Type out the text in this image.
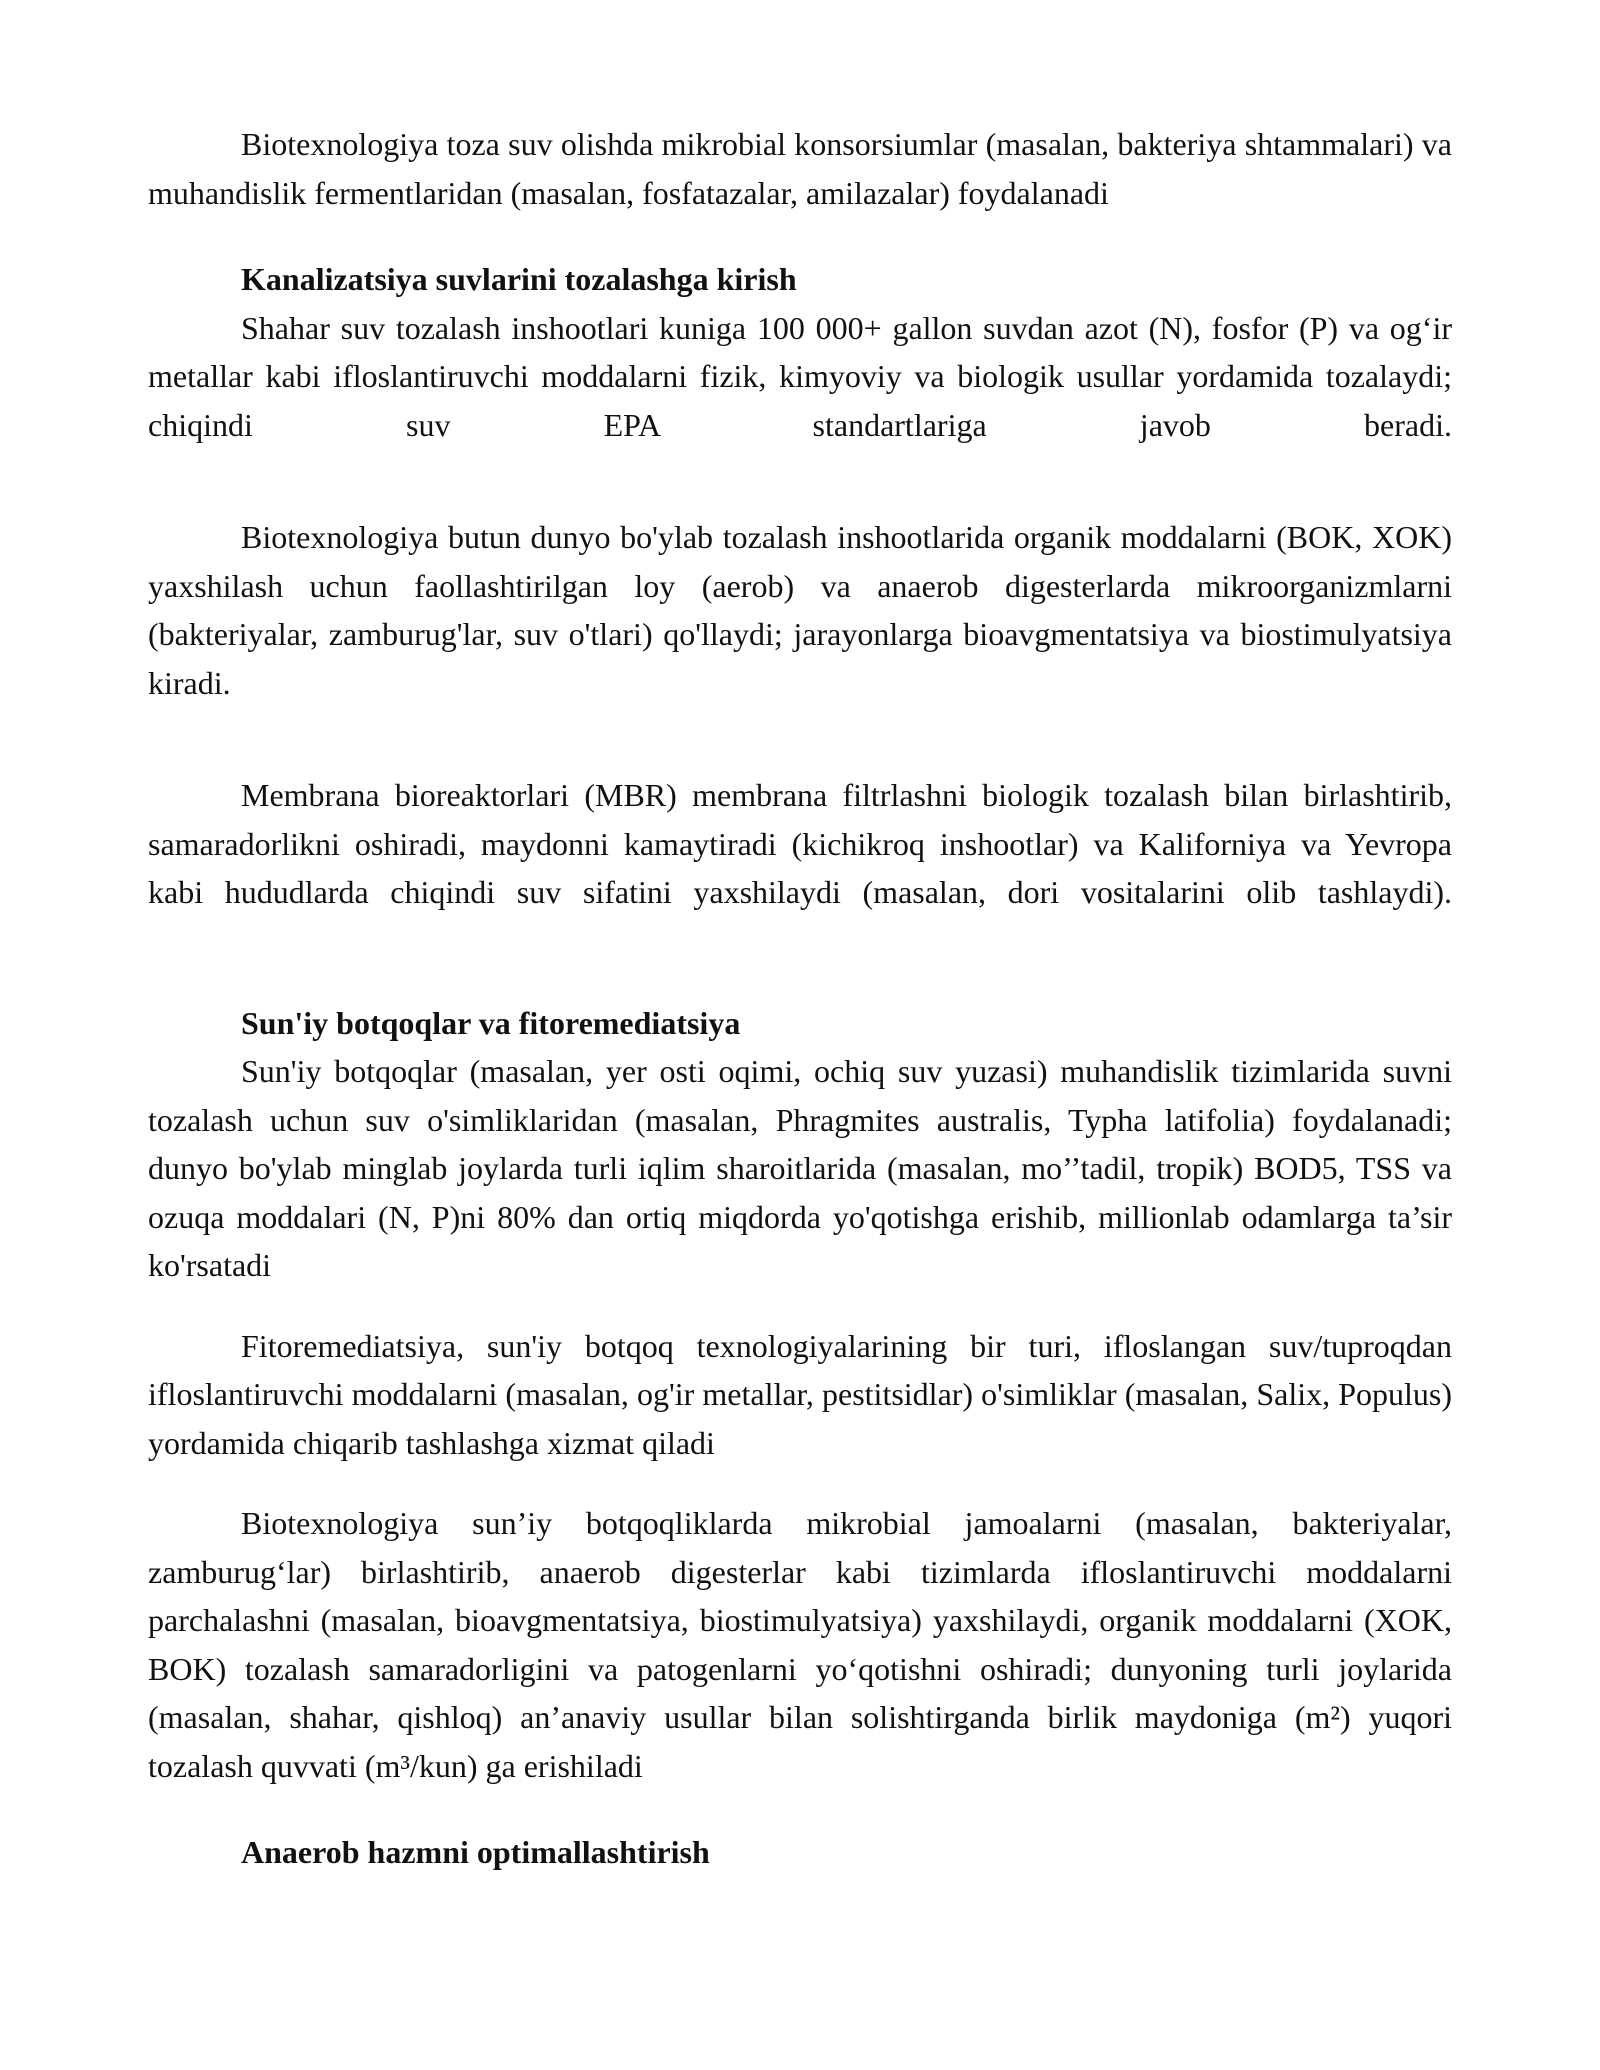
Biotexnologiya toza suv olishda mikrobial konsorsiumlar (masalan, bakteriya shtammalari) va muhandislik fermentlaridan (masalan, fosfatazalar, amilazalar) foydalanadi

Kanalizatsiya suvlarini tozalashga kirish

Shahar suv tozalash inshootlari kuniga 100 000+ gallon suvdan azot (N), fosfor (P) va og‘ir metallar kabi ifloslantiruvchi moddalarni fizik, kimyoviy va biologik usullar yordamida tozalaydi; chiqindi suv EPA standartlariga javob beradi.

Biotexnologiya butun dunyo bo'ylab tozalash inshootlarida organik moddalarni (BOK, XOK) yaxshilash uchun faollashtirilgan loy (aerob) va anaerob digesterlarda mikroorganizmlarni (bakteriyalar, zamburug'lar, suv o'tlari) qo'llaydi; jarayonlarga bioavgmentatsiya va biostimulyatsiya kiradi.

Membrana bioreaktorlari (MBR) membrana filtrlashni biologik tozalash bilan birlashtirib, samaradorlikni oshiradi, maydonni kamaytiradi (kichikroq inshootlar) va Kaliforniya va Yevropa kabi hududlarda chiqindi suv sifatini yaxshilaydi (masalan, dori vositalarini olib tashlaydi).

Sun'iy botqoqlar va fitoremediatsiya

Sun'iy botqoqlar (masalan, yer osti oqimi, ochiq suv yuzasi) muhandislik tizimlarida suvni tozalash uchun suv o'simliklaridan (masalan, Phragmites australis, Typha latifolia) foydalanadi; dunyo bo'ylab minglab joylarda turli iqlim sharoitlarida (masalan, mo’’tadil, tropik) BOD5, TSS va ozuqa moddalari (N, P)ni 80% dan ortiq miqdorda yo'qotishga erishib, millionlab odamlarga ta’sir ko'rsatadi

Fitoremediatsiya, sun'iy botqoq texnologiyalarining bir turi, ifloslangan suv/tuproqdan ifloslantiruvchi moddalarni (masalan, og'ir metallar, pestitsidlar) o'simliklar (masalan, Salix, Populus) yordamida chiqarib tashlashga xizmat qiladi

Biotexnologiya sun’iy botqoqliklarda mikrobial jamoalarni (masalan, bakteriyalar, zamburug‘lar) birlashtirib, anaerob digesterlar kabi tizimlarda ifloslantiruvchi moddalarni parchalashni (masalan, bioavgmentatsiya, biostimulyatsiya) yaxshilaydi, organik moddalarni (XOK, BOK) tozalash samaradorligini va patogenlarni yo‘qotishni oshiradi; dunyoning turli joylarida (masalan, shahar, qishloq) an’anaviy usullar bilan solishtirganda birlik maydoniga (m²) yuqori tozalash quvvati (m³/kun) ga erishiladi

Anaerob hazmni optimallashtirish
